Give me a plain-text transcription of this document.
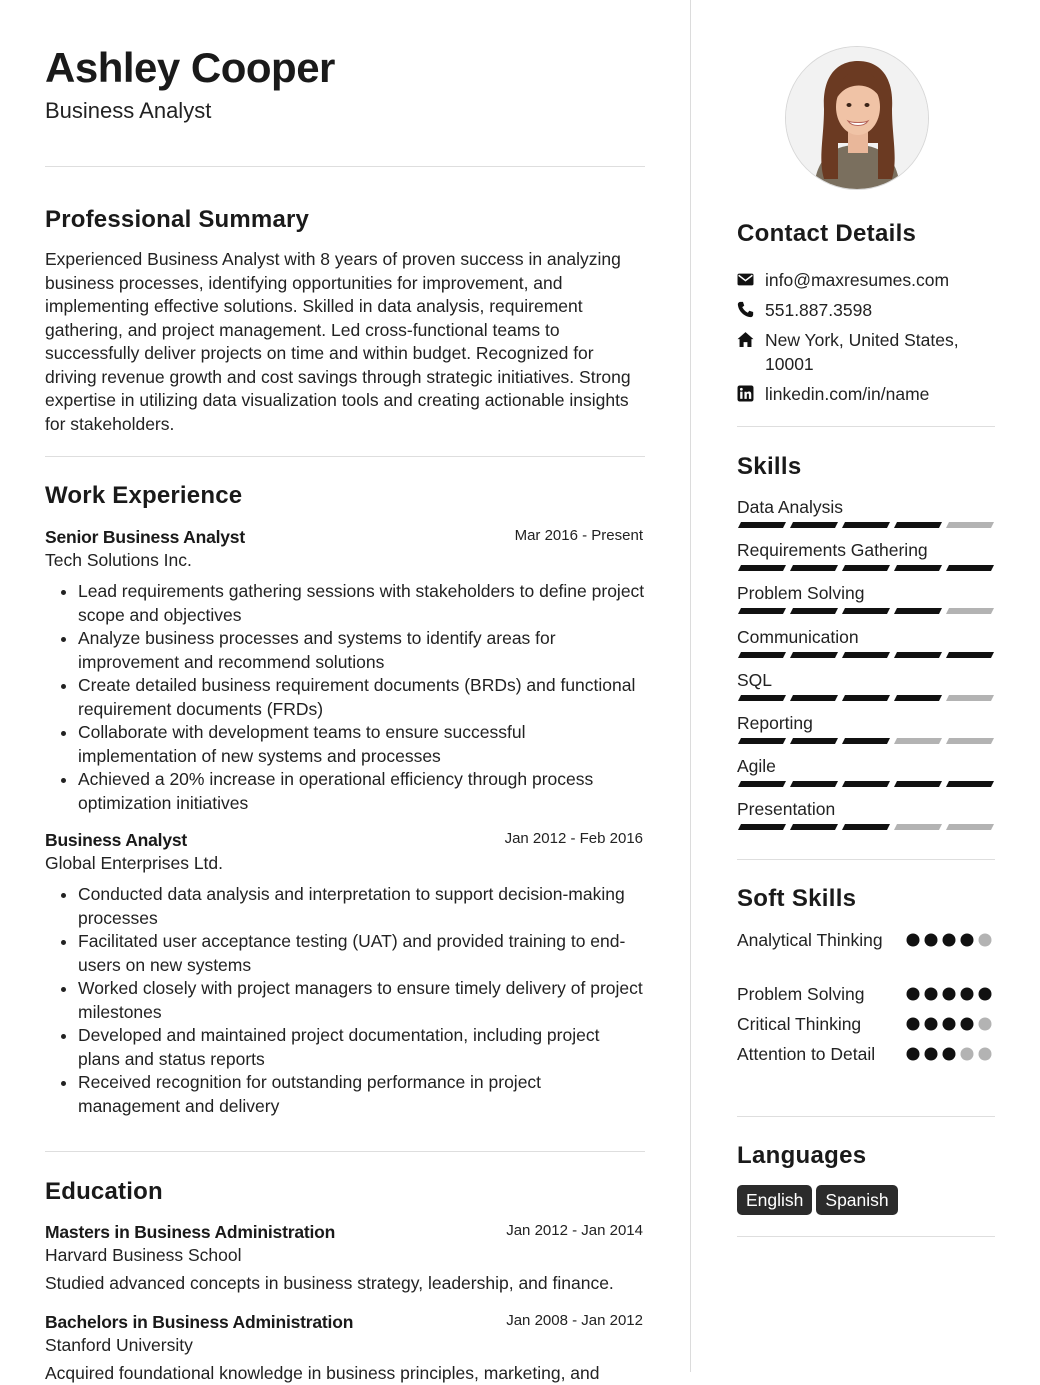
Ashley Cooper

Business Analyst

Professional Summary

Experienced Business Analyst with 8 years of proven success in analyzing business processes, identifying opportunities for improvement, and implementing effective solutions. Skilled in data analysis, requirement gathering, and project management. Led cross-functional teams to successfully deliver projects on time and within budget. Recognized for driving revenue growth and cost savings through strategic initiatives. Strong expertise in utilizing data visualization tools and creating actionable insights for stakeholders.

Work Experience

Senior Business Analyst	Mar 2016 - Present

Tech Solutions Inc.

• Lead requirements gathering sessions with stakeholders to define project scope and objectives
• Analyze business processes and systems to identify areas for improvement and recommend solutions
• Create detailed business requirement documents (BRDs) and functional requirement documents (FRDs)
• Collaborate with development teams to ensure successful implementation of new systems and processes
• Achieved a 20% increase in operational efficiency through process optimization initiatives

Business Analyst	Jan 2012 - Feb 2016

Global Enterprises Ltd.

• Conducted data analysis and interpretation to support decision-making processes
• Facilitated user acceptance testing (UAT) and provided training to end-users on new systems
• Worked closely with project managers to ensure timely delivery of project milestones
• Developed and maintained project documentation, including project plans and status reports
• Received recognition for outstanding performance in project management and delivery
Education

Masters in Business Administration	Jan 2012 - Jan 2014

Harvard Business School

Studied advanced concepts in business strategy, leadership, and finance.

Bachelors in Business Administration	Jan 2008 - Jan 2012

Stanford University

Acquired foundational knowledge in business principles, marketing, and

Contact Details
info@maxresumes.com
551.887.3598
New York, United States, 10001
linkedin.com/in/name
Skills

Data Analysis

Requirements Gathering

Problem Solving

Communication

SQL

Reporting

Agile

Presentation

Soft Skills
Analytical Thinking
Problem Solving
Critical Thinking
Attention to Detail
Languages
English Spanish
